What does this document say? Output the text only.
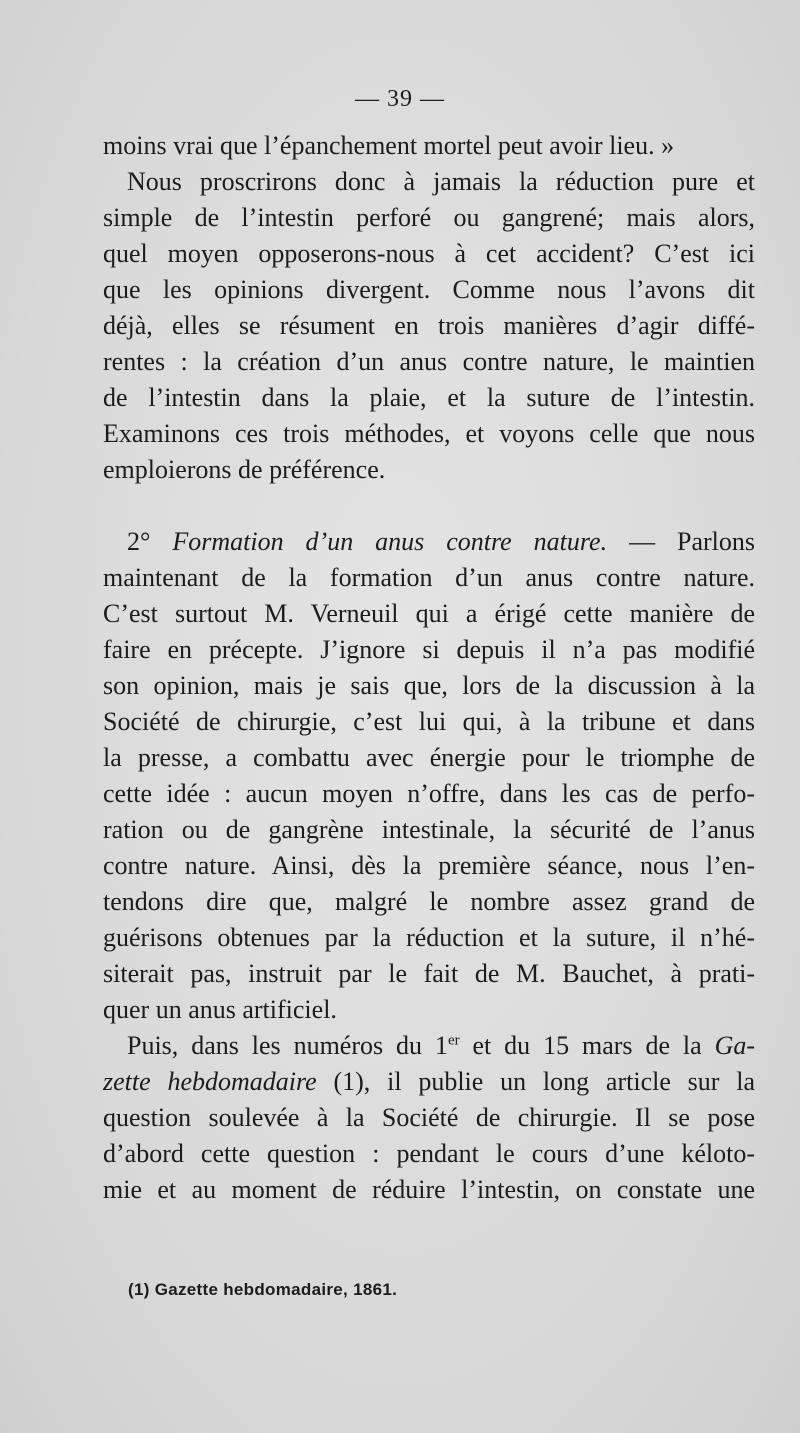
— 39 —
moins vrai que l’épanchement mortel peut avoir lieu. »
Nous proscrirons donc à jamais la réduction pure et
simple de l’intestin perforé ou gangrené; mais alors,
quel moyen opposerons-nous à cet accident? C’est ici
que les opinions divergent. Comme nous l’avons dit
déjà, elles se résument en trois manières d’agir diffé-
rentes : la création d’un anus contre nature, le maintien
de l’intestin dans la plaie, et la suture de l’intestin.
Examinons ces trois méthodes, et voyons celle que nous
emploierons de préférence.
2° Formation d’un anus contre nature. — Parlons
maintenant de la formation d’un anus contre nature.
C’est surtout M. Verneuil qui a érigé cette manière de
faire en précepte. J’ignore si depuis il n’a pas modifié
son opinion, mais je sais que, lors de la discussion à la
Société de chirurgie, c’est lui qui, à la tribune et dans
la presse, a combattu avec énergie pour le triomphe de
cette idée : aucun moyen n’offre, dans les cas de perfo-
ration ou de gangrène intestinale, la sécurité de l’anus
contre nature. Ainsi, dès la première séance, nous l’en-
tendons dire que, malgré le nombre assez grand de
guérisons obtenues par la réduction et la suture, il n’hé-
siterait pas, instruit par le fait de M. Bauchet, à prati-
quer un anus artificiel.
Puis, dans les numéros du 1er et du 15 mars de la Ga-
zette hebdomadaire (1), il publie un long article sur la
question soulevée à la Société de chirurgie. Il se pose
d’abord cette question : pendant le cours d’une kéloto-
mie et au moment de réduire l’intestin, on constate une
(1) Gazette hebdomadaire, 1861.
